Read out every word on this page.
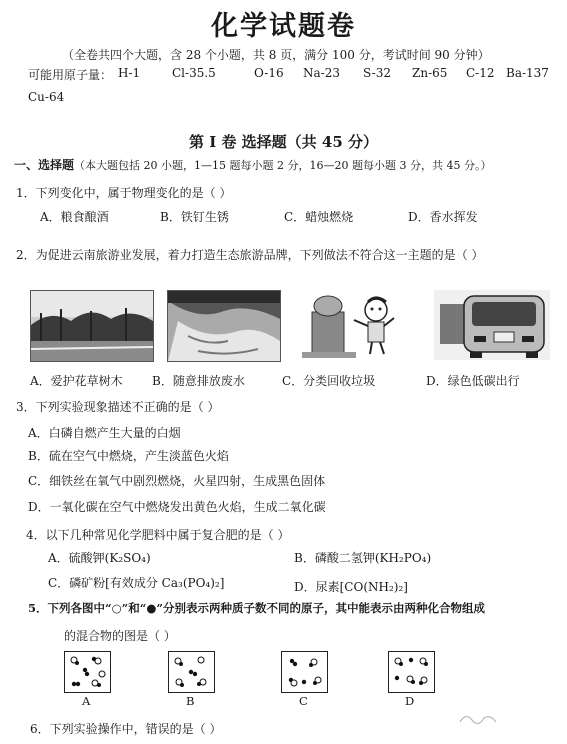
化学试题卷
（全卷共四个大题，含 28 个小题，共 8 页，满分 100 分，考试时间 90 分钟）
可能用原子量： H-1	Cl-35.5	O-16 Na-23 S-32 Zn-65 C-12 Ba-137
Cu-64
第 I 卷 选择题（共 45 分）
一、选择题（本大题包括 20 小题，1—15 题每小题 2 分，16—20 题每小题 3 分，共 45 分。）
1．下列变化中，属于物理变化的是（ ）
A．粮食酿酒	B．铁钉生锈	C．蜡烛燃烧	D．香水挥发
2．为促进云南旅游业发展，着力打造生态旅游品牌，下列做法不符合这一主题的是（ ）
A．爱护花草树木 B．随意排放废水	C．分类回收垃圾	D．绿色低碳出行
3．下列实验现象描述不正确的是（ ）
A．白磷自燃产生大量的白烟
B．硫在空气中燃烧，产生淡蓝色火焰
C．细铁丝在氧气中剧烈燃烧，火星四射，生成黑色固体
D．一氧化碳在空气中燃烧发出黄色火焰，生成二氧化碳
4．以下几种常见化学肥料中属于复合肥的是（ ）
A．硫酸钾(K₂SO₄)	B．磷酸二氢钾(KH₂PO₄)
C．磷矿粉[有效成分 Ca₃(PO₄)₂]	D．尿素[CO(NH₂)₂]
5．下列各图中“○”和“●”分别表示两种质子数不同的原子，其中能表示由两种化合物组成
的混合物的图是（ ）
A	B	C	D
6．下列实验操作中，错误的是（ ）
